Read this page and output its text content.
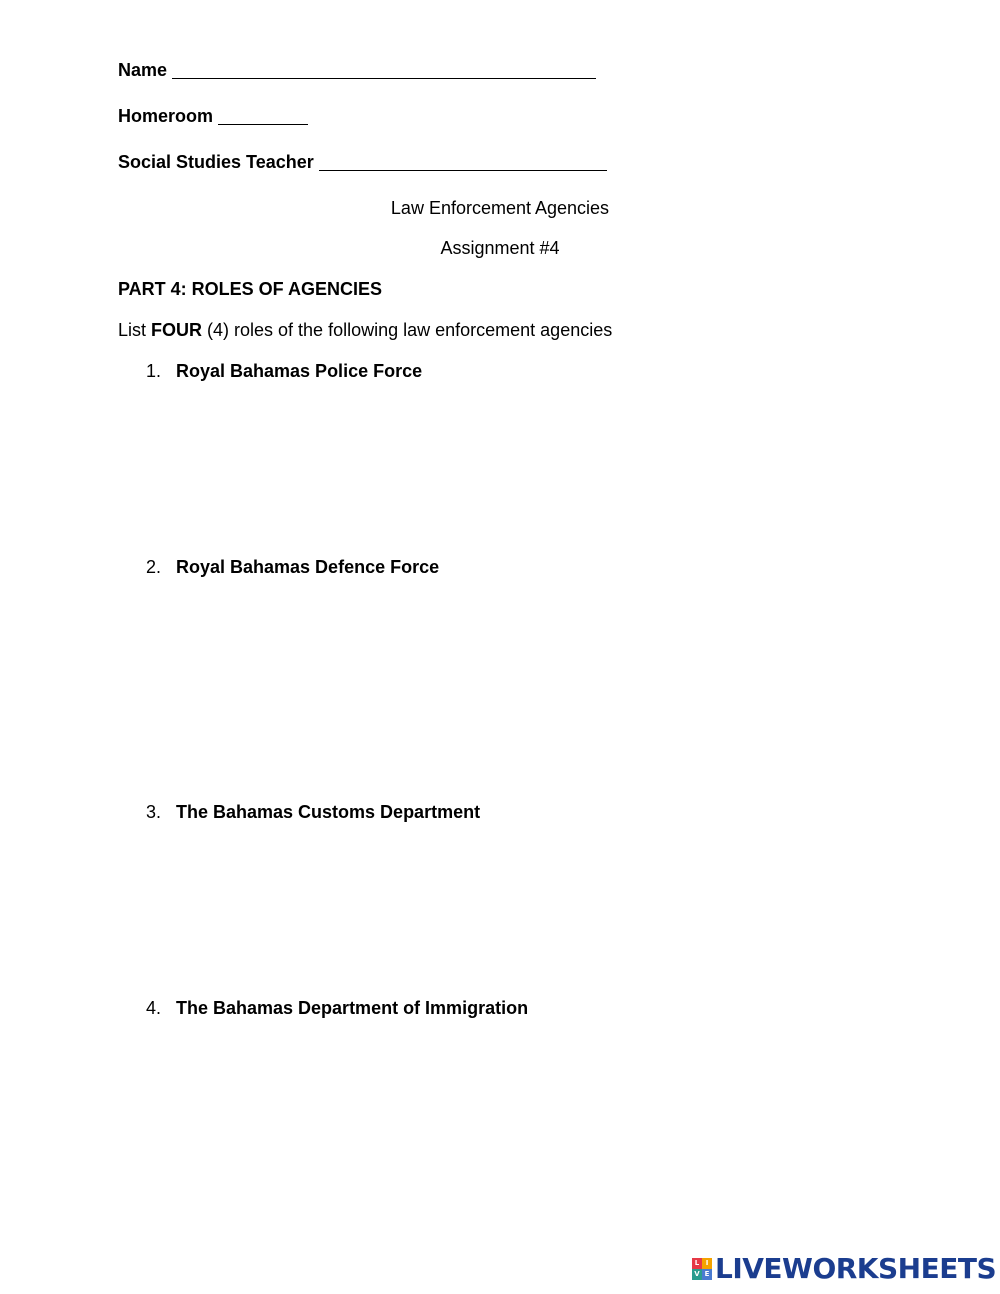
Name
Homeroom
Social Studies Teacher
Law Enforcement Agencies
Assignment #4
PART 4: ROLES OF AGENCIES
List FOUR (4) roles of the following law enforcement agencies
1. Royal Bahamas Police Force
2. Royal Bahamas Defence Force
3. The Bahamas Customs Department
4. The Bahamas Department of Immigration
L I
V E LIVEWORKSHEETS
